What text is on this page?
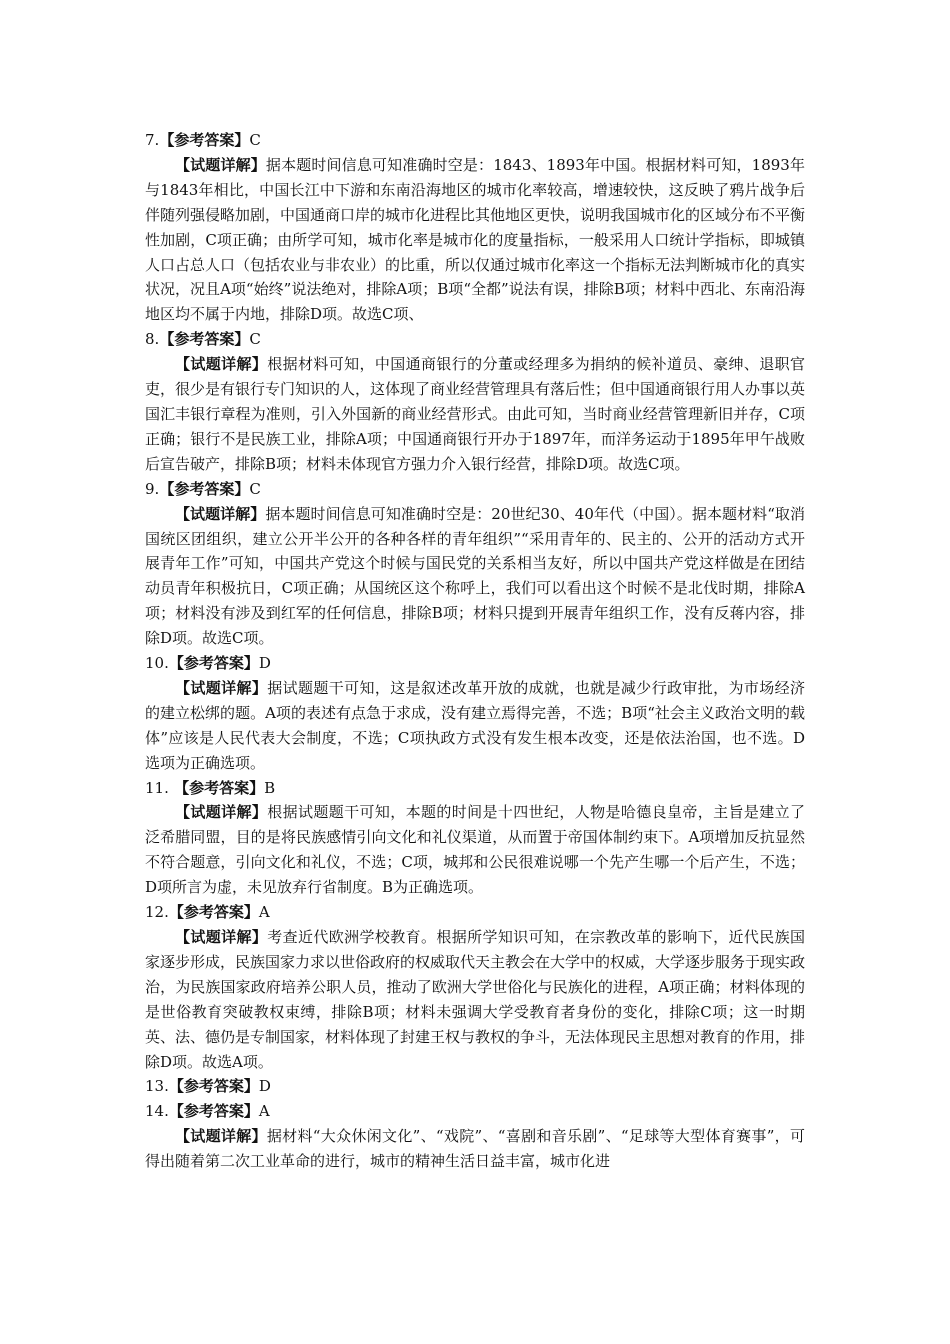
7.【参考答案】C

【试题详解】据本题时间信息可知准确时空是：1843、1893年中国。根据材料可知，1893年与1843年相比，中国长江中下游和东南沿海地区的城市化率较高，增速较快，这反映了鸦片战争后伴随列强侵略加剧，中国通商口岸的城市化进程比其他地区更快，说明我国城市化的区域分布不平衡性加剧，C项正确；由所学可知，城市化率是城市化的度量指标，一般采用人口统计学指标，即城镇人口占总人口（包括农业与非农业）的比重，所以仅通过城市化率这一个指标无法判断城市化的真实状况，况且A项“始终”说法绝对，排除A项；B项“全都”说法有误，排除B项；材料中西北、东南沿海地区均不属于内地，排除D项。故选C项、

8.【参考答案】C

【试题详解】根据材料可知，中国通商银行的分董或经理多为捐纳的候补道员、豪绅、退职官吏，很少是有银行专门知识的人，这体现了商业经营管理具有落后性；但中国通商银行用人办事以英国汇丰银行章程为准则，引入外国新的商业经营形式。由此可知，当时商业经营管理新旧并存，C项正确；银行不是民族工业，排除A项；中国通商银行开办于1897年，而洋务运动于1895年甲午战败后宣告破产，排除B项；材料未体现官方强力介入银行经营，排除D项。故选C项。

9.【参考答案】C

【试题详解】据本题时间信息可知准确时空是：20世纪30、40年代（中国）。据本题材料“取消国统区团组织，建立公开半公开的各种各样的青年组织”“采用青年的、民主的、公开的活动方式开展青年工作”可知，中国共产党这个时候与国民党的关系相当友好，所以中国共产党这样做是在团结动员青年积极抗日，C项正确；从国统区这个称呼上，我们可以看出这个时候不是北伐时期，排除A项；材料没有涉及到红军的任何信息，排除B项；材料只提到开展青年组织工作，没有反蒋内容，排除D项。故选C项。

10.【参考答案】D

【试题详解】据试题题干可知，这是叙述改革开放的成就，也就是减少行政审批，为市场经济的建立松绑的题。A项的表述有点急于求成，没有建立焉得完善，不选；B项“社会主义政治文明的载体”应该是人民代表大会制度，不选；C项执政方式没有发生根本改变，还是依法治国，也不选。D选项为正确选项。

11. 【参考答案】B

【试题详解】根据试题题干可知，本题的时间是十四世纪，人物是哈德良皇帝，主旨是建立了泛希腊同盟，目的是将民族感情引向文化和礼仪渠道，从而置于帝国体制约束下。A项增加反抗显然不符合题意，引向文化和礼仪，不选；C项，城邦和公民很难说哪一个先产生哪一个后产生，不选；D项所言为虚，未见放弃行省制度。B为正确选项。

12.【参考答案】A

【试题详解】考查近代欧洲学校教育。根据所学知识可知，在宗教改革的影响下，近代民族国家逐步形成，民族国家力求以世俗政府的权威取代天主教会在大学中的权威，大学逐步服务于现实政治，为民族国家政府培养公职人员，推动了欧洲大学世俗化与民族化的进程，A项正确；材料体现的是世俗教育突破教权束缚，排除B项；材料未强调大学受教育者身份的变化，排除C项；这一时期英、法、德仍是专制国家，材料体现了封建王权与教权的争斗，无法体现民主思想对教育的作用，排除D项。故选A项。

13.【参考答案】D
14.【参考答案】A

【试题详解】据材料“大众休闲文化”、“戏院”、“喜剧和音乐剧”、“足球等大型体育赛事”，可得出随着第二次工业革命的进行，城市的精神生活日益丰富，城市化进
